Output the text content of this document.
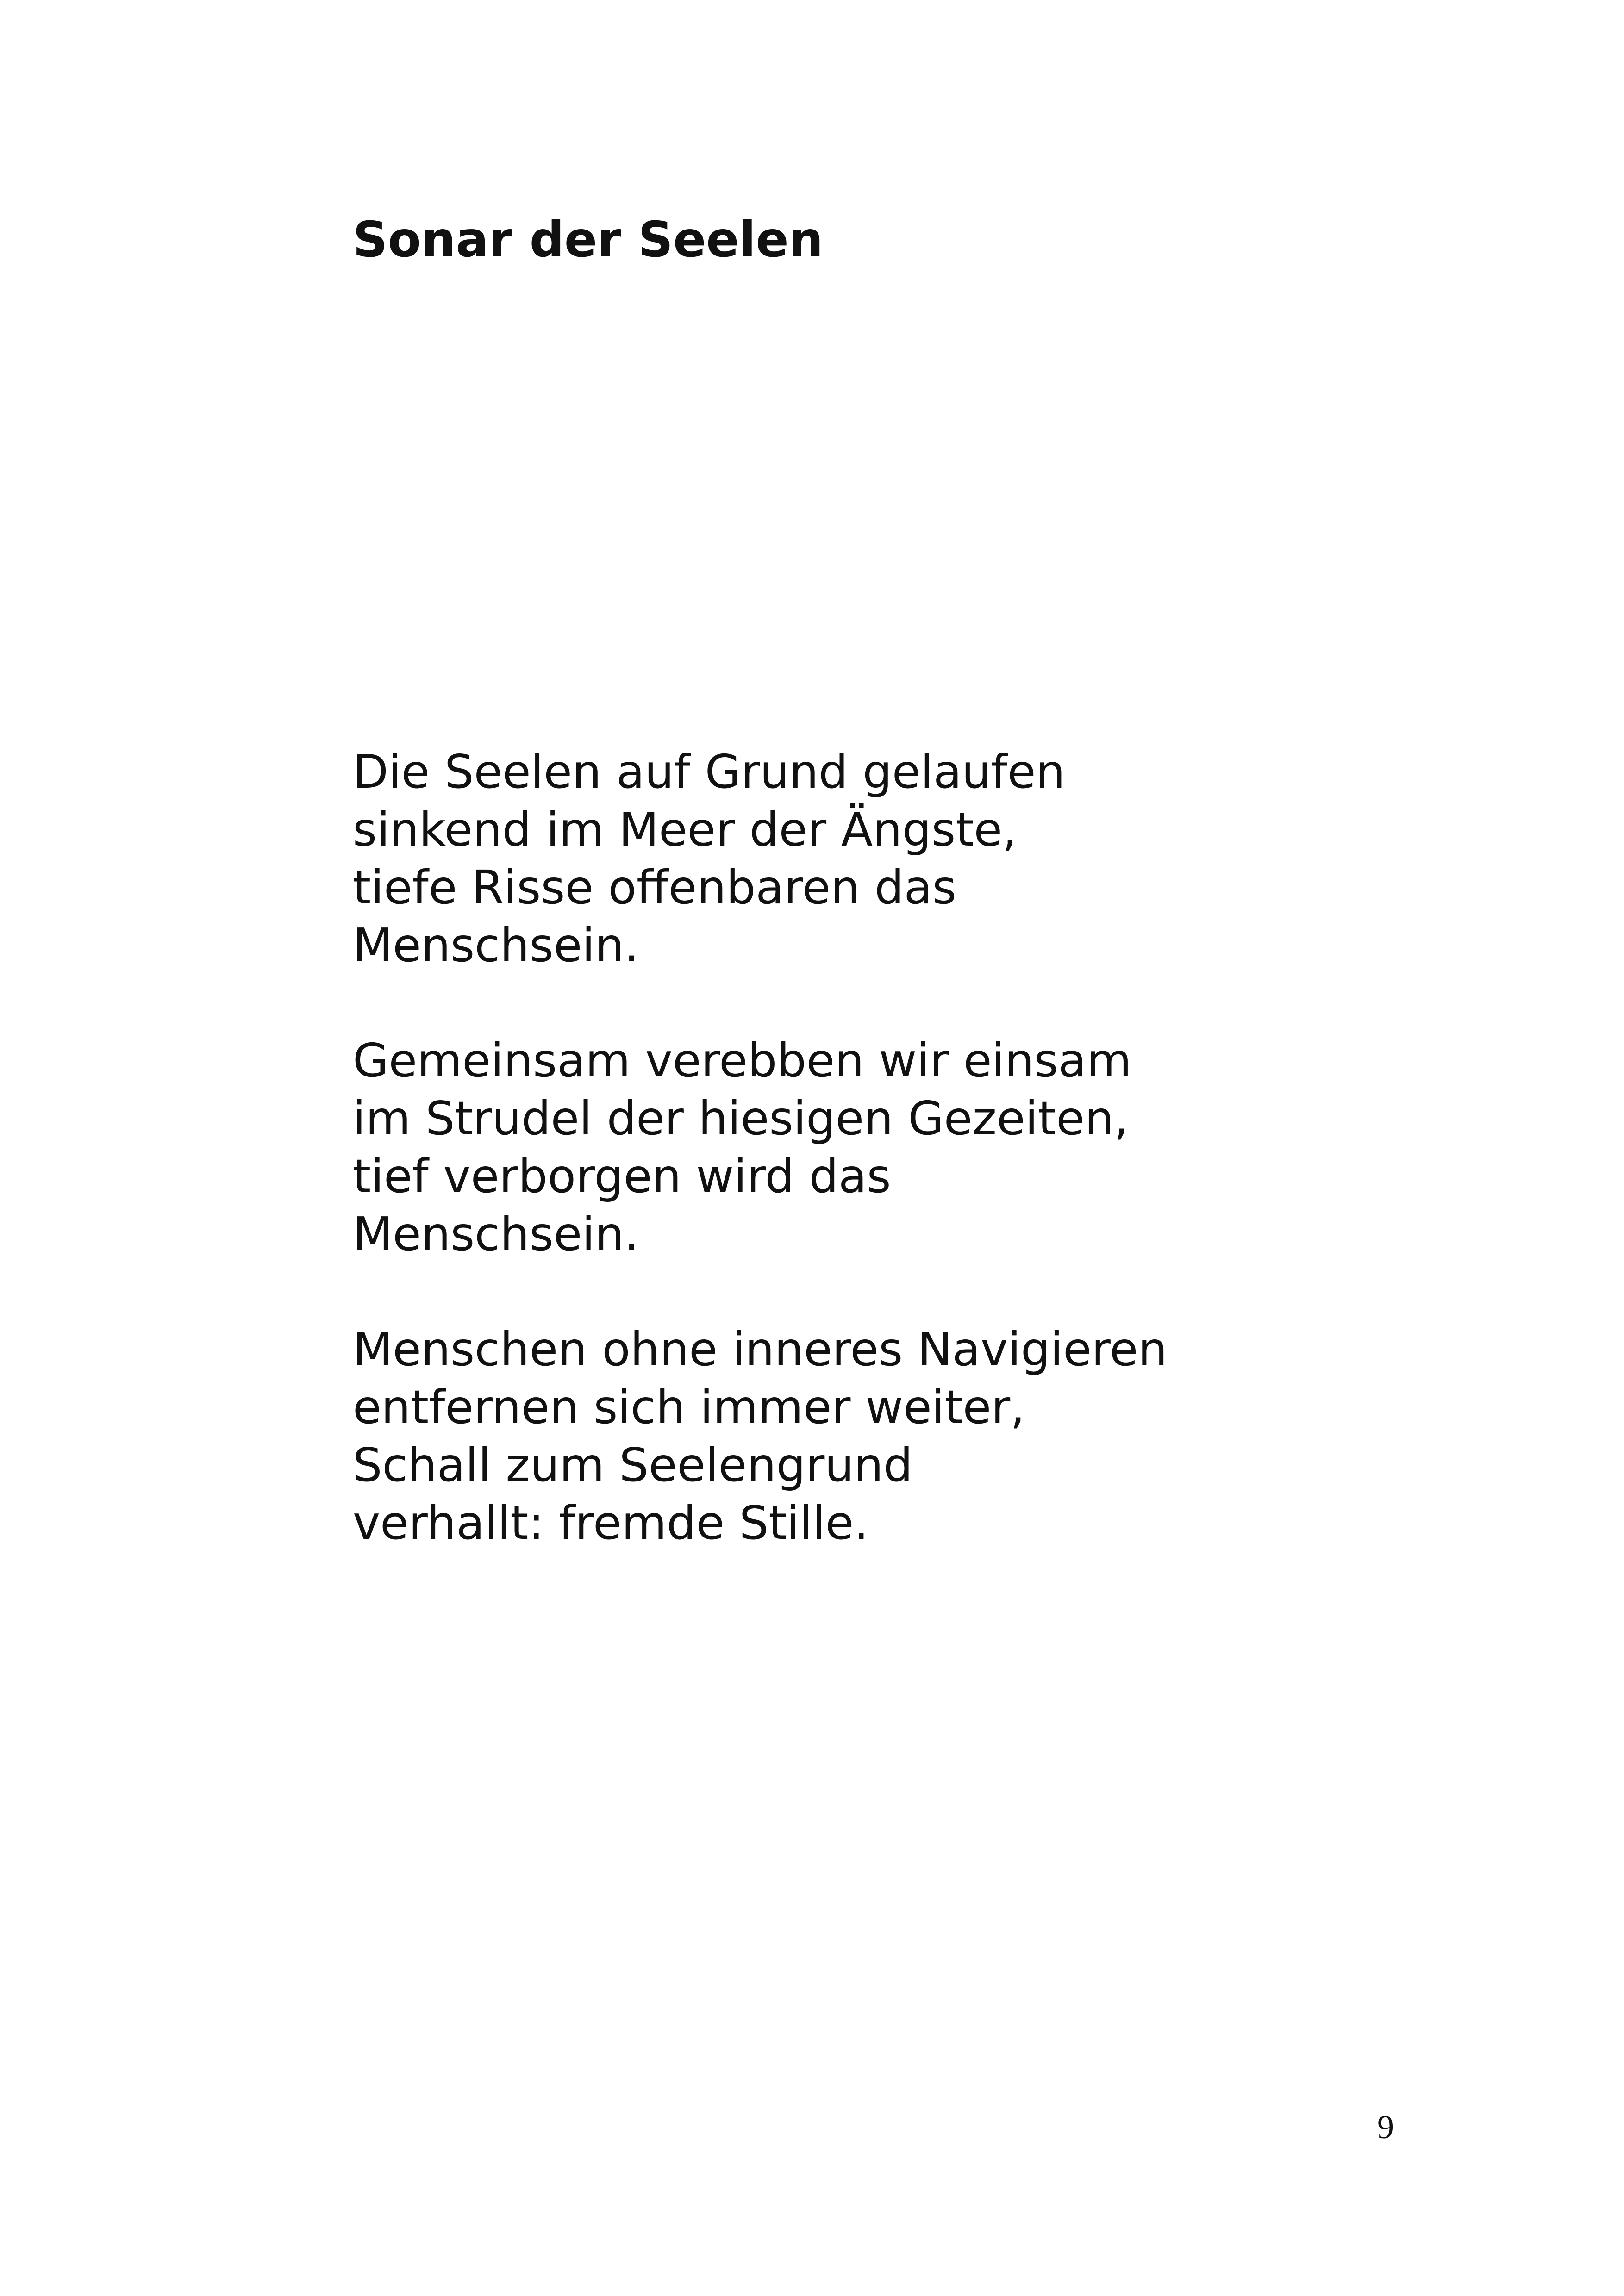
Sonar der Seelen

Die Seelen auf Grund gelaufen
sinkend im Meer der Ängste,
tiefe Risse offenbaren das
Menschsein.

Gemeinsam verebben wir einsam
im Strudel der hiesigen Gezeiten,
tief verborgen wird das
Menschsein.

Menschen ohne inneres Navigieren
entfernen sich immer weiter,
Schall zum Seelengrund
verhallt: fremde Stille.

9
